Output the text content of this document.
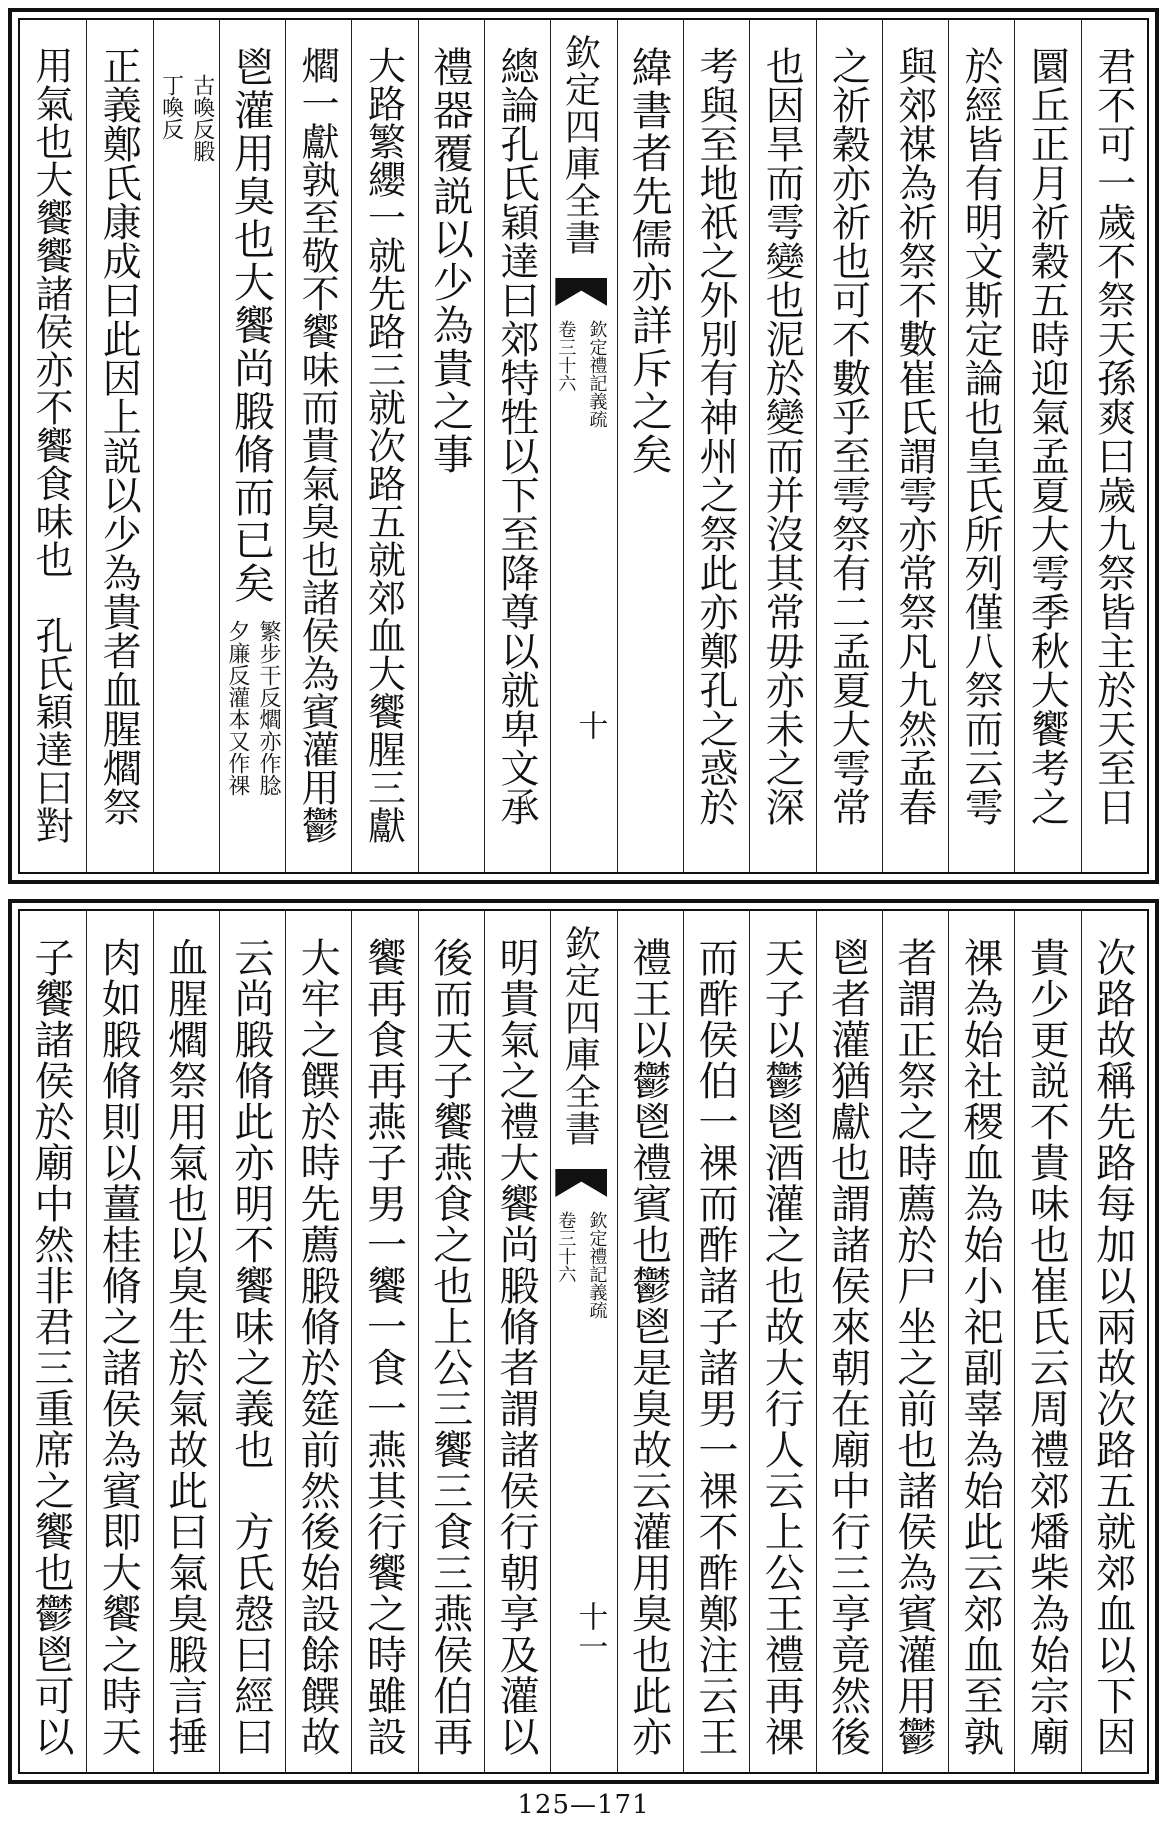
君不可一歲不祭天孫爽曰歲九祭皆主於天至日
圜丘正月祈穀五時迎氣孟夏大雩季秋大饗考之
於經皆有明文斯定論也皇氏所列僅八祭而云雩
與郊禖為祈祭不數崔氏謂雩亦常祭凡九然孟春
之祈穀亦祈也可不數乎至雩祭有二孟夏大雩常
也因旱而雩變也泥於變而并沒其常毋亦未之深
考與至地祇之外別有神州之祭此亦鄭孔之惑於
緯書者先儒亦詳斥之矣
欽定四庫全書
欽定禮記義疏
卷三十六
十
總論孔氏穎達曰郊特牲以下至降尊以就卑文承
禮器覆説以少為貴之事
大路繁纓一就先路三就次路五就郊血大饗腥三獻
爓一獻孰至敬不饗味而貴氣臭也諸侯為賓灌用鬱
鬯灌用臭也大饗尚腶脩而已矣
繁步干反爓亦作腍
夕廉反灌本又作祼
古喚反腶
丁喚反
正義鄭氏康成曰此因上説以少為貴者血腥爓祭
用氣也大饗饗諸侯亦不饗食味也　孔氏穎達曰對
次路故稱先路每加以兩故次路五就郊血以下因
貴少更説不貴味也崔氏云周禮郊燔柴為始宗廟
祼為始社稷血為始小祀副辜為始此云郊血至孰
者謂正祭之時薦於尸坐之前也諸侯為賓灌用鬱
鬯者灌猶獻也謂諸侯來朝在廟中行三享竟然後
天子以鬱鬯酒灌之也故大行人云上公王禮再祼
而酢侯伯一祼而酢諸子諸男一祼不酢鄭注云王
禮王以鬱鬯禮賓也鬱鬯是臭故云灌用臭也此亦
欽定四庫全書
欽定禮記義疏
卷三十六
十一
明貴氣之禮大饗尚腶脩者謂諸侯行朝享及灌以
後而天子饗燕食之也上公三饗三食三燕侯伯再
饗再食再燕子男一饗一食一燕其行饗之時雖設
大牢之饌於時先薦腶脩於筵前然後始設餘饌故
云尚腶脩此亦明不饗味之義也　方氏慤曰經曰
血腥爓祭用氣也以臭生於氣故此曰氣臭腶言捶
肉如腶脩則以薑桂脩之諸侯為賓即大饗之時天
子饗諸侯於廟中然非君三重席之饗也鬱鬯可以
125—171
